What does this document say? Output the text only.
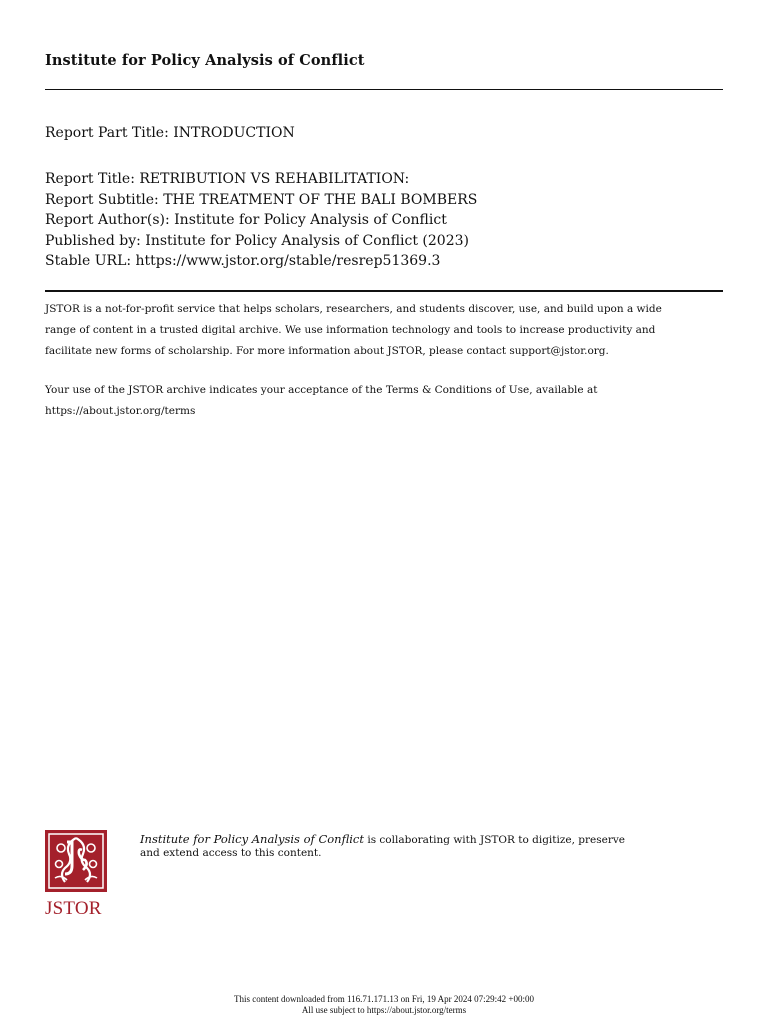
Institute for Policy Analysis of Conflict
Report Part Title: INTRODUCTION
Report Title: RETRIBUTION VS REHABILITATION:
Report Subtitle: THE TREATMENT OF THE BALI BOMBERS
Report Author(s): Institute for Policy Analysis of Conflict
Published by: Institute for Policy Analysis of Conflict (2023)
Stable URL: https://www.jstor.org/stable/resrep51369.3

JSTOR is a not-for-profit service that helps scholars, researchers, and students discover, use, and build upon a wide

range of content in a trusted digital archive. We use information technology and tools to increase productivity and

facilitate new forms of scholarship. For more information about JSTOR, please contact support@jstor.org.

Your use of the JSTOR archive indicates your acceptance of the Terms & Conditions of Use, available at

https://about.jstor.org/terms

JSTOR
Institute for Policy Analysis of Conflict is collaborating with JSTOR to digitize, preserve
and extend access to this content.
This content downloaded from 116.71.171.13 on Fri, 19 Apr 2024 07:29:42 +00:00
All use subject to https://about.jstor.org/terms
